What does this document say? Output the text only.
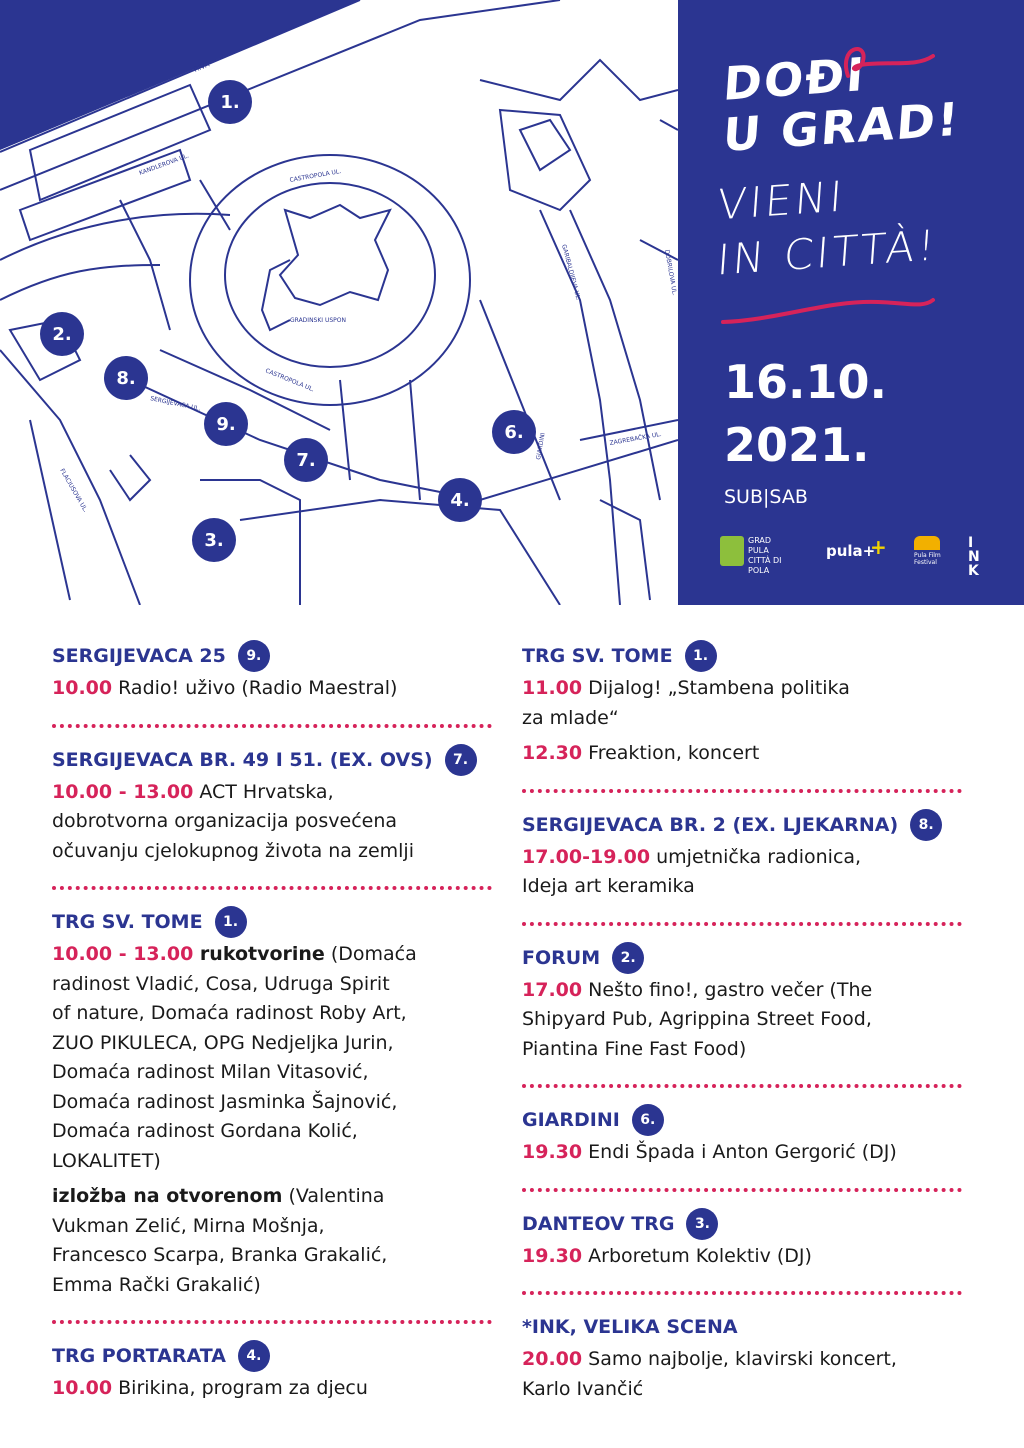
RIVA
CASTROPOLA UL.
GRADINSKI USPON
CASTROPOLA UL.
GARIBALDIJEVA UL.	DOBRILOVA UL.
ZAGREBAČKA UL.
GIARDINI
FLACIUSOVA UL.
SERGIJEVACA UL.
KANDLEROVA UL.
1.
2.
3.
4.
6.
7.
8.
9.
DOĐI
U GRAD!
VIENI
IN CITTÀ!
16.10.
2021.
SUB|SAB
GRAD PULA CITTÀ DI POLA
pula+
+	Pula Film Festival
INK
SERGIJEVACA 25	9.
10.00 Radio! uživo (Radio Maestral)
SERGIJEVACA BR. 49 I 51. (EX. OVS)	7.
10.00 - 13.00 ACT Hrvatska,
dobrotvorna organizacija posvećena
očuvanju cjelokupnog života na zemlji
TRG SV. TOME	1.
10.00 - 13.00 rukotvorine (Domaća
radinost Vladić, Cosa, Udruga Spirit
of nature, Domaća radinost Roby Art,
ZUO PIKULECA, OPG Nedjeljka Jurin,
Domaća radinost Milan Vitasović,
Domaća radinost Jasminka Šajnović,
Domaća radinost Gordana Kolić,
LOKALITET)
izložba na otvorenom (Valentina
Vukman Zelić, Mirna Mošnja,
Francesco Scarpa, Branka Grakalić,
Emma Rački Grakalić)
TRG PORTARATA	4.
10.00 Birikina, program za djecu
TRG SV. TOME	1.
11.00 Dijalog! „Stambena politika
za mlade“
12.30 Freaktion, koncert
SERGIJEVACA BR. 2 (EX. LJEKARNA)	8.
17.00-19.00 umjetnička radionica,
Ideja art keramika
FORUM	2.
17.00 Nešto fino!, gastro večer (The
Shipyard Pub, Agrippina Street Food,
Piantina Fine Fast Food)
GIARDINI	6.
19.30 Endi Špada i Anton Gergorić (DJ)
DANTEOV TRG	3.
19.30 Arboretum Kolektiv (DJ)
*INK, VELIKA SCENA
20.00 Samo najbolje, klavirski koncert,
Karlo Ivančić
